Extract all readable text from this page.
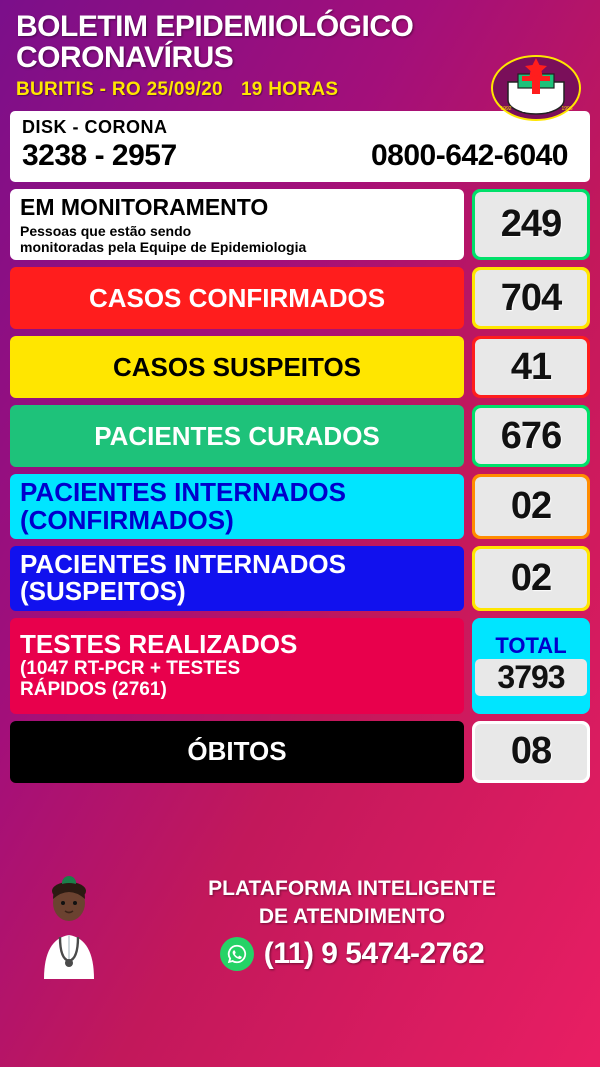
BOLETIM EPIDEMIOLÓGICO
CORONAVÍRUS
BURITIS - RO 25/09/20 19 HORAS
BURITIS
1992	1996
DISK - CORONA
3238 - 2957	0800-642-6040
EM MONITORAMENTO
Pessoas que estão sendo
monitoradas pela Equipe de Epidemiologia
249
CASOS CONFIRMADOS	704
CASOS SUSPEITOS	41
PACIENTES CURADOS	676
PACIENTES INTERNADOS
(CONFIRMADOS)	02
PACIENTES INTERNADOS
(SUSPEITOS)	02
TESTES REALIZADOS
(1047 RT-PCR + TESTES
RÁPIDOS (2761)
TOTAL
3793
ÓBITOS	08
PLATAFORMA INTELIGENTE
DE ATENDIMENTO
(11) 9 5474-2762
